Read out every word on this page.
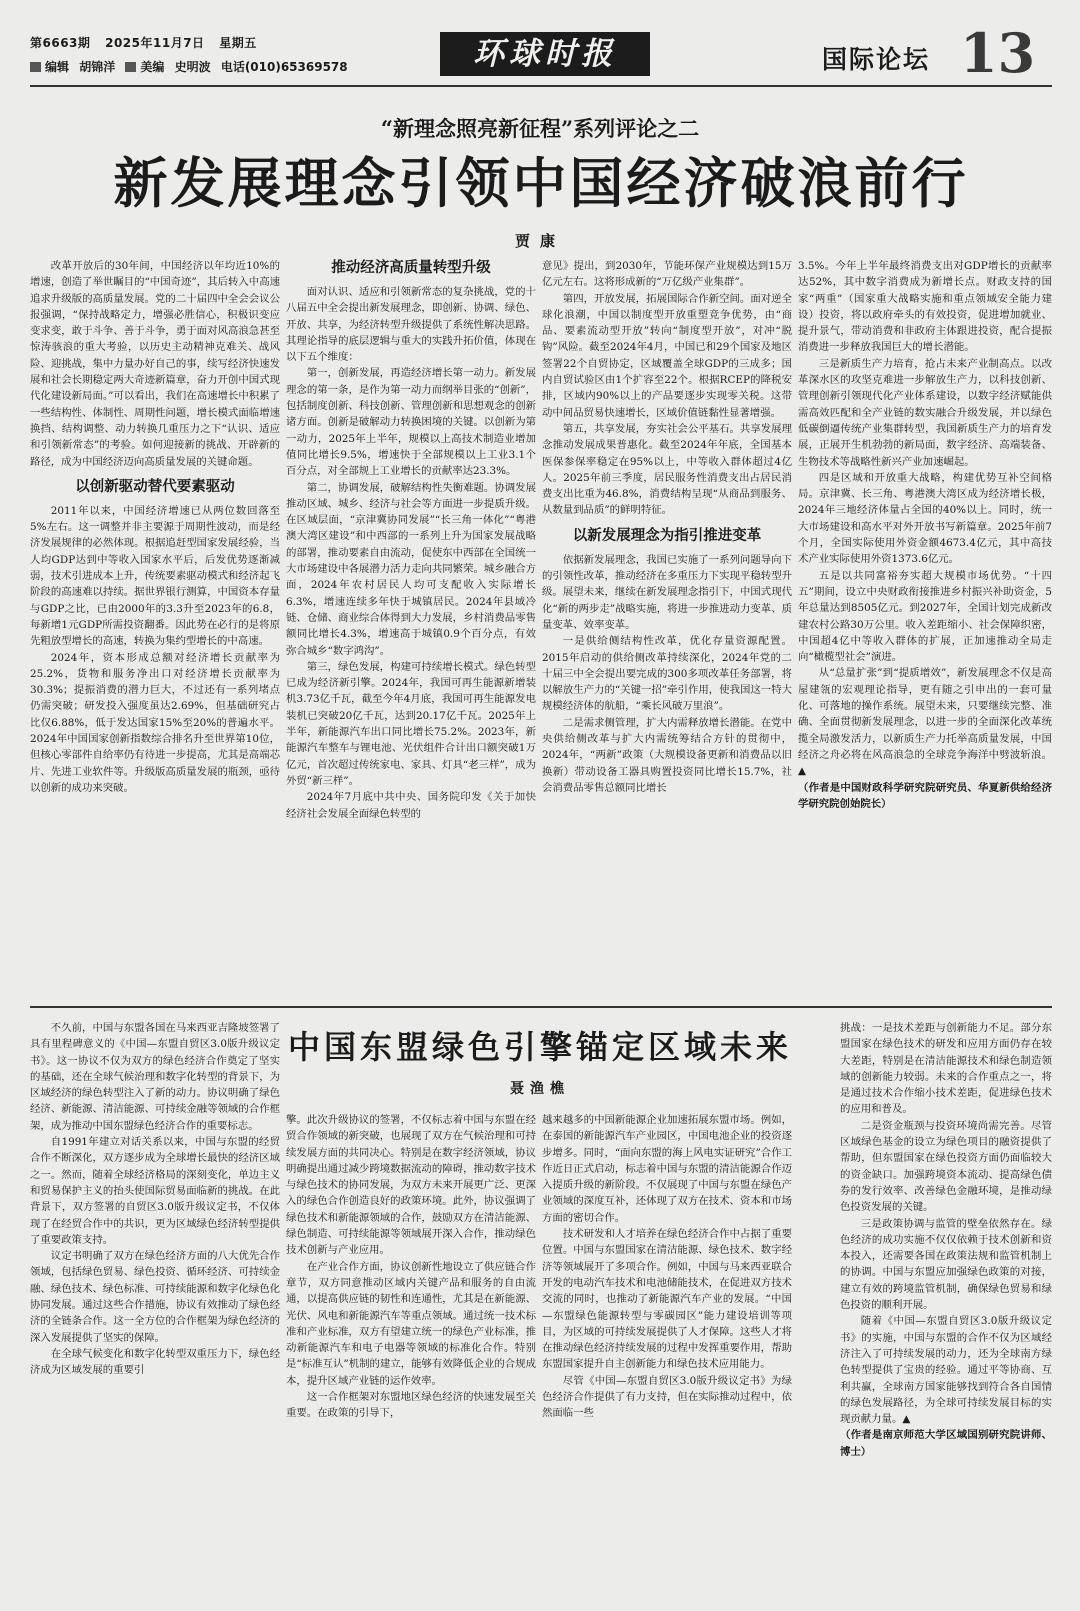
第6663期 2025年11月7日 星期五
编辑 胡锦洋 美编 史明波 电话(010)65369578	环球时报	国际论坛 13
“新理念照亮新征程”系列评论之二
新发展理念引领中国经济破浪前行
贾康

改革开放后的30年间，中国经济以年均近10%的增速，创造了举世瞩目的“中国奇迹”，其后转入中高速追求升级版的高质量发展。党的二十届四中全会会议公报强调，“保持战略定力，增强必胜信心，积极识变应变求变，敢于斗争、善于斗争，勇于面对风高浪急甚至惊涛骇浪的重大考验，以历史主动精神克难关、战风险、迎挑战，集中力量办好自己的事，续写经济快速发展和社会长期稳定两大奇迹新篇章，奋力开创中国式现代化建设新局面。”可以看出，我们在高速增长中积累了一些结构性、体制性、周期性问题，增长模式面临增速换挡、结构调整、动力转换几重压力之下“认识、适应和引领新常态”的考验。如何迎接新的挑战、开辟新的路径，成为中国经济迈向高质量发展的关键命题。

以创新驱动替代要素驱动

2011年以来，中国经济增速已从两位数回落至5%左右。这一调整并非主要源于周期性波动，而是经济发展规律的必然体现。根据追赶型国家发展经验，当人均GDP达到中等收入国家水平后，后发优势逐渐减弱，技术引进成本上升，传统要素驱动模式和经济起飞阶段的高速难以持续。据世界银行测算，中国资本存量与GDP之比，已由2000年的3.3升至2023年的6.8，每新增1元GDP所需投资翻番。因此势在必行的是将原先粗放型增长的高速，转换为集约型增长的中高速。

2024年，资本形成总额对经济增长贡献率为25.2%，货物和服务净出口对经济增长贡献率为30.3%；提振消费的潜力巨大，不过还有一系列堵点仍需突破；研发投入强度虽达2.69%，但基础研究占比仅6.88%，低于发达国家15%至20%的普遍水平。2024年中国国家创新指数综合排名升至世界第10位，但核心零部件自给率仍有待进一步提高，尤其是高端芯片、先进工业软件等。升级版高质量发展的瓶颈，亟待以创新的成功来突破。

推动经济高质量转型升级

面对认识、适应和引领新常态的复杂挑战，党的十八届五中全会提出新发展理念，即创新、协调、绿色、开放、共享，为经济转型升级提供了系统性解决思路。其理论指导的底层逻辑与重大的实践升拓价值，体现在以下五个维度：

第一，创新发展，再造经济增长第一动力。新发展理念的第一条，是作为第一动力而纲举目张的“创新”，包括制度创新、科技创新、管理创新和思想观念的创新诸方面。创新是破解动力转换困境的关键。以创新为第一动力，2025年上半年，规模以上高技术制造业增加值同比增长9.5%，增速快于全部规模以上工业3.1个百分点，对全部规上工业增长的贡献率达23.3%。

第二，协调发展，破解结构性失衡难题。协调发展推动区域、城乡、经济与社会等方面进一步提质升级。在区域层面，“京津冀协同发展”“长三角一体化”“粤港澳大湾区建设”和中西部的一系列上升为国家发展战略的部署，推动要素自由流动，促使东中西部在全国统一大市场建设中各展潜力活力走向共同繁荣。城乡融合方面，2024年农村居民人均可支配收入实际增长6.3%，增速连续多年快于城镇居民。2024年县域冷链、仓储、商业综合体得到大力发展，乡村消费品零售额同比增长4.3%，增速高于城镇0.9个百分点，有效弥合城乡“数字鸿沟”。

第三，绿色发展，构建可持续增长模式。绿色转型已成为经济新引擎。2024年，我国可再生能源新增装机3.73亿千瓦，截至今年4月底，我国可再生能源发电装机已突破20亿千瓦，达到20.17亿千瓦。2025年上半年，新能源汽车出口同比增长75.2%。2023年，新能源汽车整车与锂电池、光伏组件合计出口额突破1万亿元，首次超过传统家电、家具、灯具“老三样”，成为外贸“新三样”。

2024年7月底中共中央、国务院印发《关于加快经济社会发展全面绿色转型的

意见》提出，到2030年，节能环保产业规模达到15万亿元左右。这将形成新的“万亿级产业集群”。

第四，开放发展，拓展国际合作新空间。面对逆全球化浪潮，中国以制度型开放重塑竞争优势，由“商品、要素流动型开放”转向“制度型开放”，对冲“脱钩”风险。截至2024年4月，中国已和29个国家及地区签署22个自贸协定，区域覆盖全球GDP的三成多；国内自贸试验区由1个扩容至22个。根据RCEP的降税安排，区域内90%以上的产品要逐步实现零关税。这带动中间品贸易快速增长，区域价值链黏性显著增强。

第五，共享发展，夯实社会公平基石。共享发展理念推动发展成果普惠化。截至2024年年底，全国基本医保参保率稳定在95%以上，中等收入群体超过4亿人。2025年前三季度，居民服务性消费支出占居民消费支出比重为46.8%，消费结构呈现“从商品到服务、从数量到品质”的鲜明特征。

以新发展理念为指引推进变革

依据新发展理念，我国已实施了一系列问题导向下的引领性改革，推动经济在多重压力下实现平稳转型升级。展望未来，继续在新发展理念指引下，中国式现代化“新的两步走”战略实施，将进一步推进动力变革、质量变革、效率变革。

一是供给侧结构性改革，优化存量资源配置。2015年启动的供给侧改革持续深化，2024年党的二十届三中全会提出要完成的300多项改革任务部署，将以解放生产力的“关键一招”牵引作用，使我国这一特大规模经济体的航船，“乘长风破万里浪”。

二是需求侧管理，扩大内需释放增长潜能。在党中央供给侧改革与扩大内需统筹结合方针的贯彻中，2024年，“两新”政策（大规模设备更新和消费品以旧换新）带动设备工器具购置投资同比增长15.7%，社会消费品零售总额同比增长

3.5%。今年上半年最终消费支出对GDP增长的贡献率达52%，其中数字消费成为新增长点。财政支持的国家“两重”（国家重大战略实施和重点领域安全能力建设）投资，将以政府牵头的有效投资，促进增加就业、提升景气，带动消费和非政府主体跟进投资，配合提振消费进一步释放我国巨大的增长潜能。

三是新质生产力培育，抢占未来产业制高点。以改革深水区的攻坚克难进一步解放生产力，以科技创新、管理创新引领现代化产业体系建设，以数字经济赋能供需高效匹配和全产业链的数实融合升级发展，并以绿色低碳倒逼传统产业集群转型，我国新质生产力的培育发展，正展开生机勃勃的新局面，数字经济、高端装备、生物技术等战略性新兴产业加速崛起。

四是区域和开放重大战略，构建优势互补空间格局。京津冀、长三角、粤港澳大湾区成为经济增长极，2024年三地经济体量占全国的40%以上。同时，统一大市场建设和高水平对外开放书写新篇章。2025年前7个月，全国实际使用外资金额4673.4亿元，其中高技术产业实际使用外资1373.6亿元。

五是以共同富裕夯实超大规模市场优势。“十四五”期间，设立中央财政衔接推进乡村振兴补助资金，5年总量达到8505亿元。到2027年，全国计划完成新改建农村公路30万公里。收入差距缩小、社会保障织密，中国超4亿中等收入群体的扩展，正加速推动全局走向“橄榄型社会”演进。

从“总量扩张”到“提质增效”，新发展理念不仅是高屋建瓴的宏观理论指导，更有随之引申出的一套可量化、可落地的操作系统。展望未来，只要继续完整、准确、全面贯彻新发展理念，以进一步的全面深化改革统揽全局激发活力，以新质生产力托举高质量发展，中国经济之舟必将在风高浪急的全球竞争海洋中劈波斩浪。▲

（作者是中国财政科学研究院研究员、华夏新供给经济学研究院创始院长）

中国东盟绿色引擎锚定区域未来
聂渔樵

不久前，中国与东盟各国在马来西亚吉隆坡签署了具有里程碑意义的《中国—东盟自贸区3.0版升级议定书》。这一协议不仅为双方的绿色经济合作奠定了坚实的基础，还在全球气候治理和数字化转型的背景下，为区域经济的绿色转型注入了新的动力。协议明确了绿色经济、新能源、清洁能源、可持续金融等领域的合作框架，成为推动中国东盟绿色经济合作的重要标志。

自1991年建立对话关系以来，中国与东盟的经贸合作不断深化，双方逐步成为全球增长最快的经济区域之一。然而，随着全球经济格局的深刻变化，单边主义和贸易保护主义的抬头使国际贸易面临新的挑战。在此背景下，双方签署的自贸区3.0版升级议定书，不仅体现了在经贸合作中的共识，更为区域绿色经济转型提供了重要政策支持。

议定书明确了双方在绿色经济方面的八大优先合作领域，包括绿色贸易、绿色投资、循环经济、可持续金融、绿色技术、绿色标准、可持续能源和数字化绿色化协同发展。通过这些合作措施，协议有效推动了绿色经济的全链条合作。这一全方位的合作框架为绿色经济的深入发展提供了坚实的保障。

在全球气候变化和数字化转型双重压力下，绿色经济成为区域发展的重要引

擎。此次升级协议的签署，不仅标志着中国与东盟在经贸合作领域的新突破，也展现了双方在气候治理和可持续发展方面的共同决心。特别是在数字经济领域，协议明确提出通过减少跨境数据流动的障碍，推动数字技术与绿色技术的协同发展，为双方未来开展更广泛、更深入的绿色合作创造良好的政策环境。此外，协议强调了绿色技术和新能源领域的合作，鼓励双方在清洁能源、绿色制造、可持续能源等领域展开深入合作，推动绿色技术创新与产业应用。

在产业合作方面，协议创新性地设立了供应链合作章节，双方同意推动区域内关键产品和服务的自由流通，以提高供应链的韧性和连通性，尤其是在新能源、光伏、风电和新能源汽车等重点领域。通过统一技术标准和产业标准，双方有望建立统一的绿色产业标准，推动新能源汽车和电子电器等领域的标准化合作。特别是“标准互认”机制的建立，能够有效降低企业的合规成本，提升区域产业链的运作效率。

这一合作框架对东盟地区绿色经济的快速发展至关重要。在政策的引导下，

越来越多的中国新能源企业加速拓展东盟市场。例如，在泰国的新能源汽车产业园区，中国电池企业的投资逐步增多。同时，“面向东盟的海上风电实证研究”合作工作近日正式启动，标志着中国与东盟的清洁能源合作迈入提质升级的新阶段。不仅展现了中国与东盟在绿色产业领域的深度互补，还体现了双方在技术、资本和市场方面的密切合作。

技术研发和人才培养在绿色经济合作中占据了重要位置。中国与东盟国家在清洁能源、绿色技术、数字经济等领域展开了多项合作。例如，中国与马来西亚联合开发的电动汽车技术和电池储能技术，在促进双方技术交流的同时，也推动了新能源汽车产业的发展。“中国—东盟绿色能源转型与零碳园区”能力建设培训等项目，为区域的可持续发展提供了人才保障。这些人才将在推动绿色经济持续发展的过程中发挥重要作用，帮助东盟国家提升自主创新能力和绿色技术应用能力。

尽管《中国—东盟自贸区3.0版升级议定书》为绿色经济合作提供了有力支持，但在实际推动过程中，依然面临一些

挑战：一是技术差距与创新能力不足。部分东盟国家在绿色技术的研发和应用方面仍存在较大差距，特别是在清洁能源技术和绿色制造领域的创新能力较弱。未来的合作重点之一，将是通过技术合作缩小技术差距，促进绿色技术的应用和普及。

二是资金瓶颈与投资环境尚需完善。尽管区域绿色基金的设立为绿色项目的融资提供了帮助，但东盟国家在绿色投资方面仍面临较大的资金缺口。加强跨境资本流动、提高绿色债券的发行效率、改善绿色金融环境，是推动绿色投资发展的关键。

三是政策协调与监管的壁垒依然存在。绿色经济的成功实施不仅仅依赖于技术创新和资本投入，还需要各国在政策法规和监管机制上的协调。中国与东盟应加强绿色政策的对接，建立有效的跨境监管机制，确保绿色贸易和绿色投资的顺利开展。

随着《中国—东盟自贸区3.0版升级议定书》的实施，中国与东盟的合作不仅为区域经济注入了可持续发展的动力，还为全球南方绿色转型提供了宝贵的经验。通过平等协商、互利共赢，全球南方国家能够找到符合各自国情的绿色发展路径，为全球可持续发展目标的实现贡献力量。▲

（作者是南京师范大学区域国别研究院讲师、博士）
